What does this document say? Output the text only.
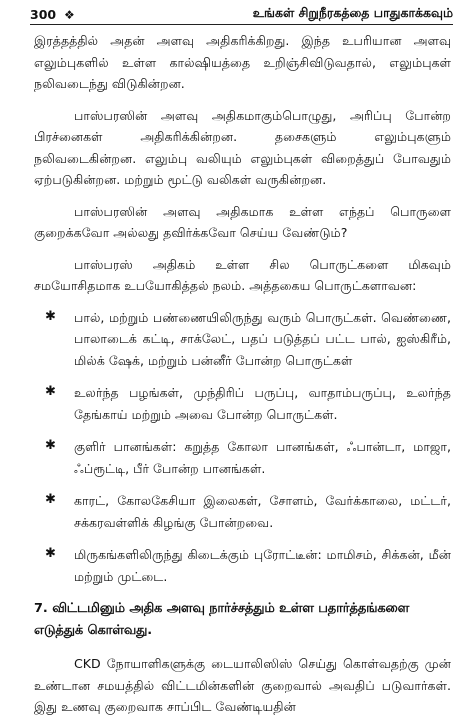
300 ❖	உங்கள் சிறுநீரகத்தை பாதுகாக்கவும்

இரத்தத்தில் அதன் அளவு அதிகரிக்கிறது. இந்த உபரியான அளவு எலும்புகளில் உள்ள கால்ஷியத்தை உறிஞ்சிவிடுவதால், எலும்புகள் நலிவடைந்து விடுகின்றன.

பாஸ்பரஸின் அளவு அதிகமாகும்பொழுது, அரிப்பு போன்ற பிரச்னைகள் அதிகரிக்கின்றன. தசைகளும் எலும்புகளும் நலிவடைகின்றன. எலும்பு வலியும் எலும்புகள் விறைத்துப் போவதும் ஏற்படுகின்றன. மற்றும் மூட்டு வலிகள் வருகின்றன.

பாஸ்பரஸின் அளவு அதிகமாக உள்ள எந்தப் பொருளை குறைக்கவோ அல்லது தவிர்க்கவோ செய்ய வேண்டும்?

பாஸ்பரஸ் அதிகம் உள்ள சில பொருட்களை மிகவும் சமயோசிதமாக உபயோகித்தல் நலம். அத்தகைய பொருட்களாவன:

✱ பால், மற்றும் பண்ணையிலிருந்து வரும் பொருட்கள். வெண்ணை, பாலாடைக் கட்டி, சாக்லேட், பதப் படுத்தப் பட்ட பால், ஐஸ்கிரீம், மில்க் ஷேக், மற்றும் பன்னீர் போன்ற பொருட்கள்
✱ உலர்ந்த பழங்கள், முந்திரிப் பருப்பு, வாதாம்பருப்பு, உலர்ந்த தேங்காய் மற்றும் அவை போன்ற பொருட்கள்.
✱ குளிர் பானங்கள்: கறுத்த கோலா பானங்கள், ஃபான்டா, மாஜா, ஃப்ரூட்டி, பீர் போன்ற பானங்கள்.
✱ காரட், கோலகேசியா இலைகள், சோளம், வேர்க்காலை, மட்டர், சக்கரவள்ளிக் கிழங்கு போன்றவை.
✱ மிருகங்களிலிருந்து கிடைக்கும் புரோட்டீன்: மாமிசம், சிக்கன், மீன் மற்றும் முட்டை.
7. விட்டமினும் அதிக அளவு நார்ச்சத்தும் உள்ள பதார்த்தங்களை எடுத்துக் கொள்வது.

CKD நோயாளிகளுக்கு டையாலிஸிஸ் செய்து கொள்வதற்கு முன் உண்டான சமயத்தில் விட்டமின்களின் குறைவால் அவதிப் படுவார்கள். இது உணவு குறைவாக சாப்பிட வேண்டியதின்
